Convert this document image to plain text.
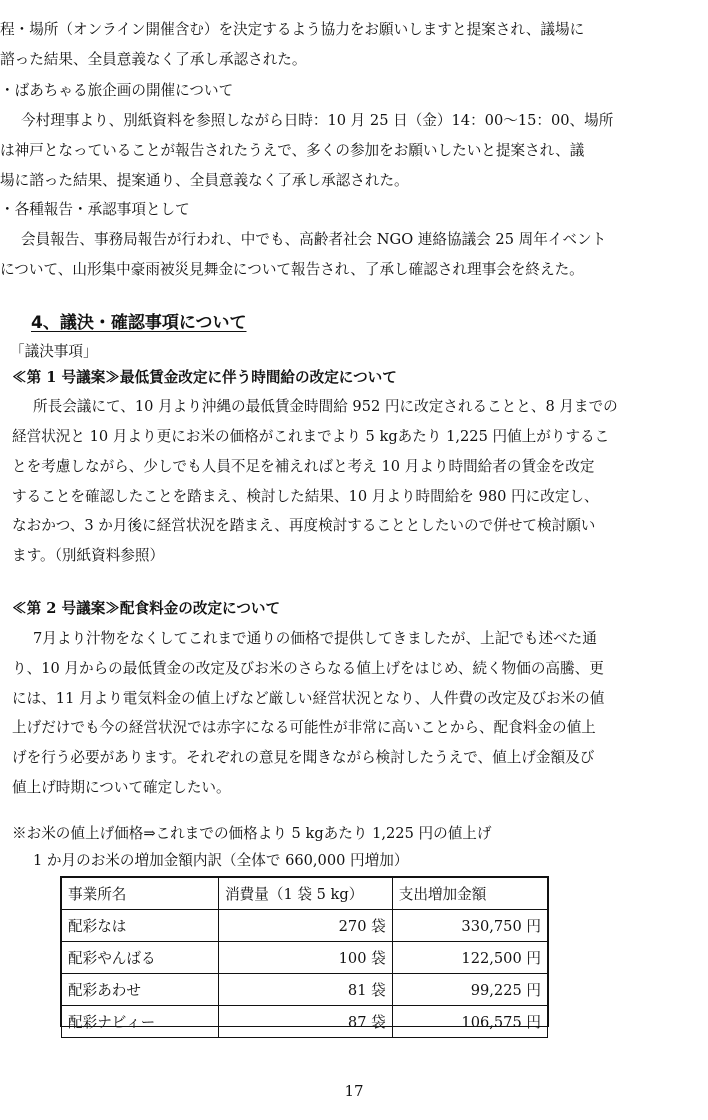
程・場所（オンライン開催含む）を決定するよう協力をお願いしますと提案され、議場に
諮った結果、全員意義なく了承し承認された。
・ばあちゃる旅企画の開催について
今村理事より、別紙資料を参照しながら日時：10 月 25 日（金）14：00〜15：00、場所
は神戸となっていることが報告されたうえで、多くの参加をお願いしたいと提案され、議
場に諮った結果、提案通り、全員意義なく了承し承認された。
・各種報告・承認事項として
会員報告、事務局報告が行われ、中でも、高齢者社会 NGO 連絡協議会 25 周年イベント
について、山形集中豪雨被災見舞金について報告され、了承し確認され理事会を終えた。
4、議決・確認事項について
「議決事項」
≪第 1 号議案≫最低賃金改定に伴う時間給の改定について
所長会議にて、10 月より沖縄の最低賃金時間給 952 円に改定されることと、8 月までの
経営状況と 10 月より更にお米の価格がこれまでより 5 kgあたり 1,225 円値上がりするこ
とを考慮しながら、少しでも人員不足を補えればと考え 10 月より時間給者の賃金を改定
することを確認したことを踏まえ、検討した結果、10 月より時間給を 980 円に改定し、
なおかつ、3 か月後に経営状況を踏まえ、再度検討することとしたいので併せて検討願い
ます。（別紙資料参照）
≪第 2 号議案≫配食料金の改定について
7月より汁物をなくしてこれまで通りの価格で提供してきましたが、上記でも述べた通
り、10 月からの最低賃金の改定及びお米のさらなる値上げをはじめ、続く物価の高騰、更
には、11 月より電気料金の値上げなど厳しい経営状況となり、人件費の改定及びお米の値
上げだけでも今の経営状況では赤字になる可能性が非常に高いことから、配食料金の値上
げを行う必要があります。それぞれの意見を聞きながら検討したうえで、値上げ金額及び
値上げ時期について確定したい。
※お米の値上げ価格⇒これまでの価格より 5 kgあたり 1,225 円の値上げ
1 か月のお米の増加金額内訳（全体で 660,000 円増加）
事業所名	消費量（1 袋 5 kg）	支出増加金額
配彩なは	270 袋	330,750 円
配彩やんばる	100 袋	122,500 円
配彩あわせ	81 袋	99,225 円
配彩ナビィー	87 袋	106,575 円
17
